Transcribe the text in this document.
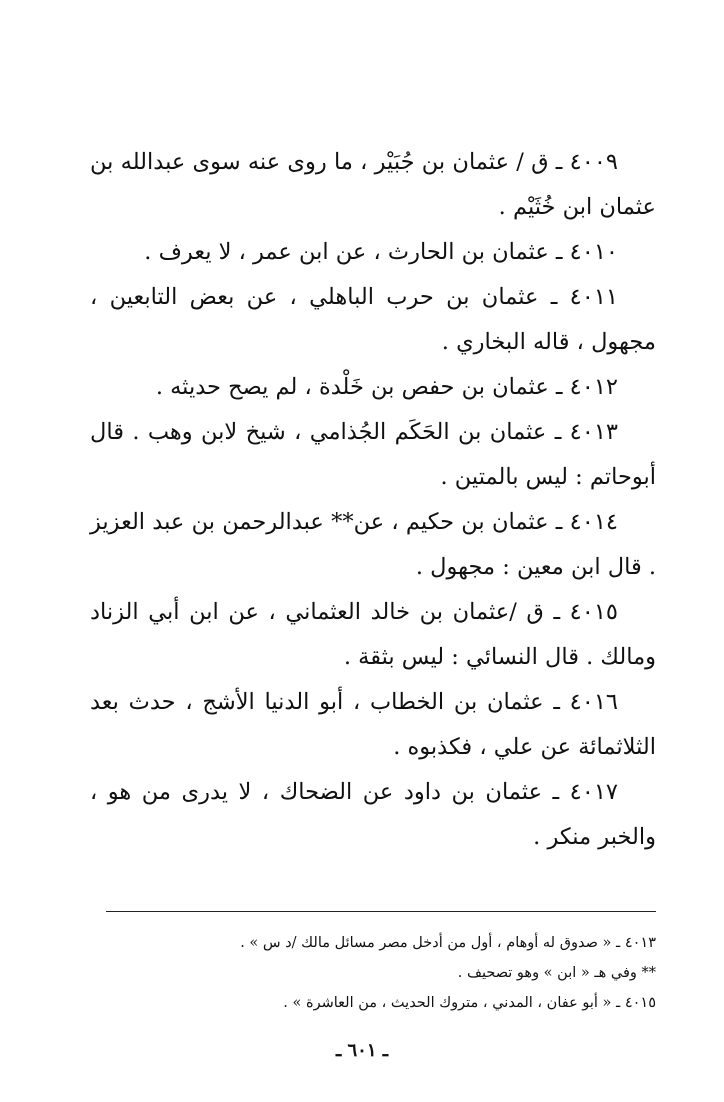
٤٠٠٩ ـ ق / عثمان بن جُبَيْر ، ما روى عنه سوى عبدالله بن عثمان ابن خُثَيْم .

٤٠١٠ ـ عثمان بن الحارث ، عن ابن عمر ، لا يعرف .

٤٠١١ ـ عثمان بن حرب الباهلي ، عن بعض التابعين ، مجهول ، قاله البخاري .

٤٠١٢ ـ عثمان بن حفص بن خَلْدة ، لم يصح حديثه .

٤٠١٣ ـ عثمان بن الحَكَم الجُذامي ، شيخ لابن وهب . قال أبوحاتم : ليس بالمتين .

٤٠١٤ ـ عثمان بن حكيم ، عن** عبدالرحمن بن عبد العزيز . قال ابن معين : مجهول .

٤٠١٥ ـ ق /عثمان بن خالد العثماني ، عن ابن أبي الزناد ومالك . قال النسائي : ليس بثقة .

٤٠١٦ ـ عثمان بن الخطاب ، أبو الدنيا الأشج ، حدث بعد الثلاثمائة عن علي ، فكذبوه .

٤٠١٧ ـ عثمان بن داود عن الضحاك ، لا يدرى من هو ، والخبر منكر .

٤٠١٣ ـ « صدوق له أوهام ، أول من أدخل مصر مسائل مالك /د س » .

** وفي هـ « ابن » وهو تصحيف .

٤٠١٥ ـ « أبو عفان ، المدني ، متروك الحديث ، من العاشرة » .

ـ ٦٠١ ـ
